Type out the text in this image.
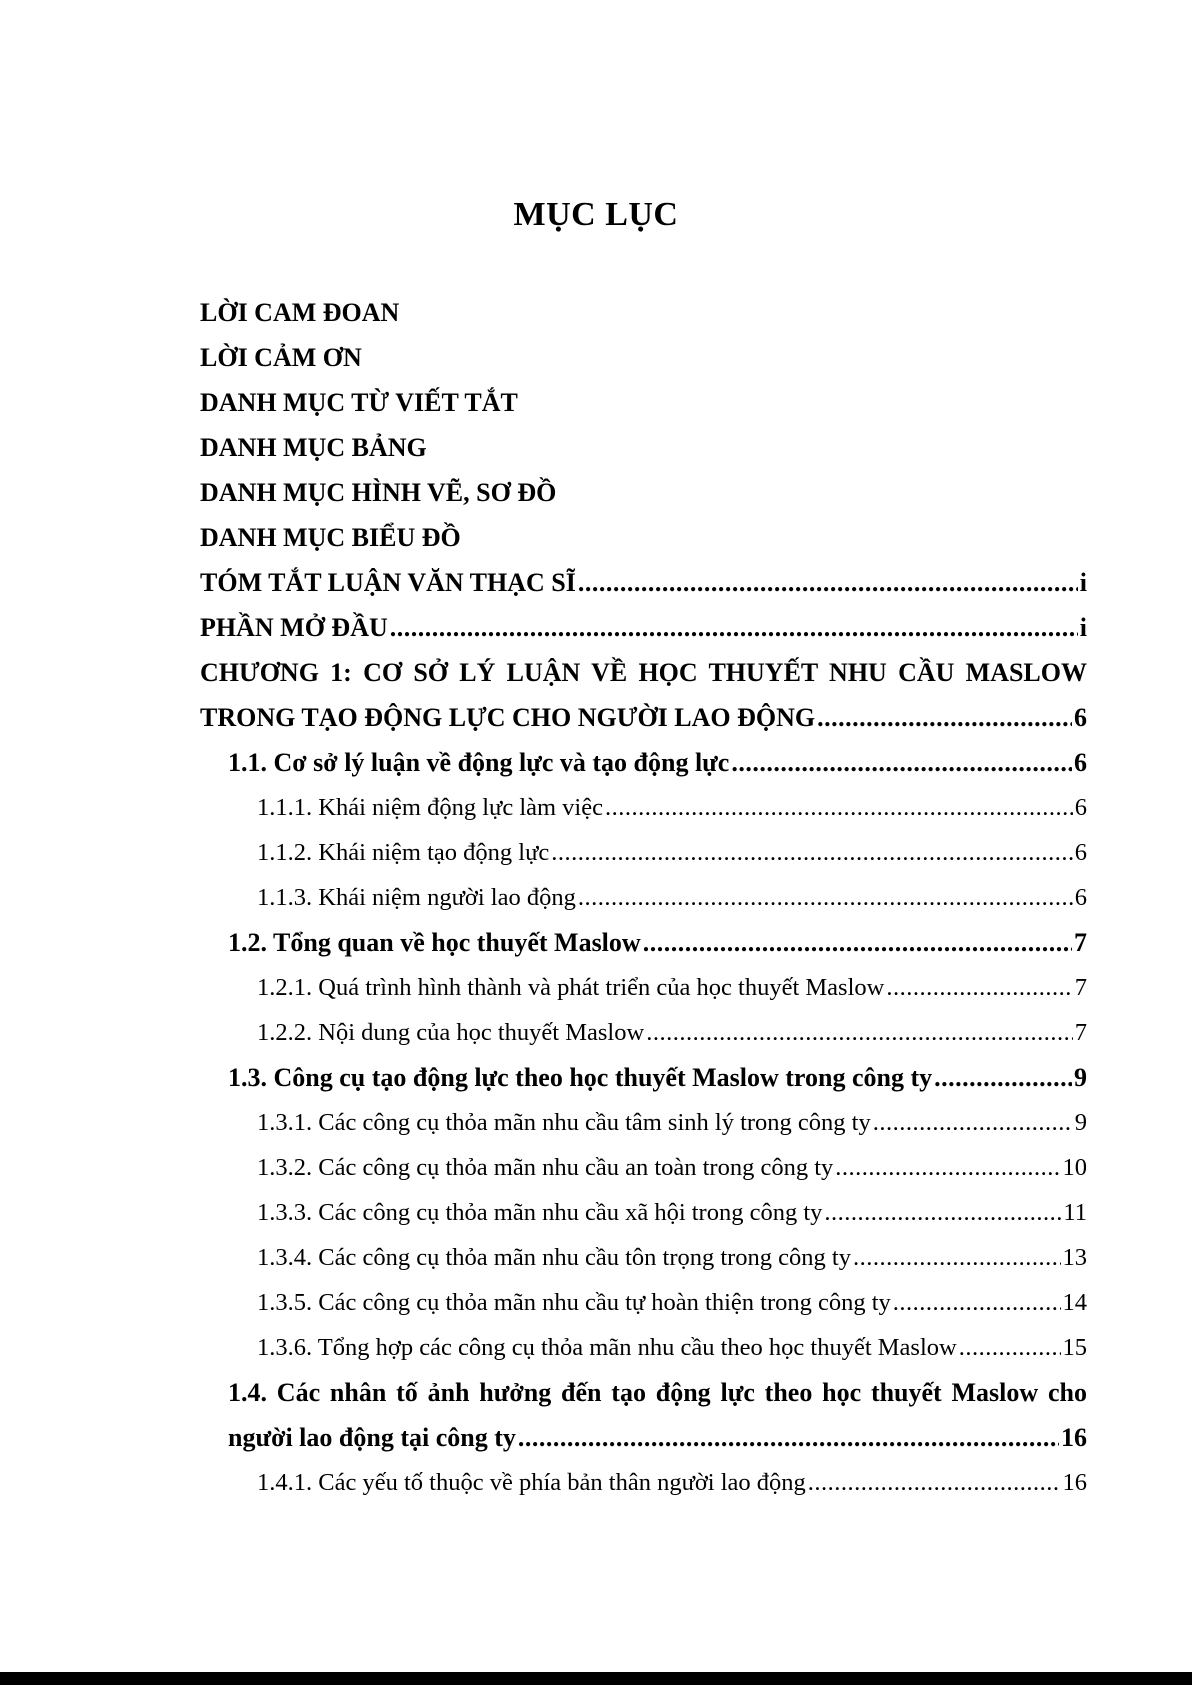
MỤC LỤC
LỜI CAM ĐOAN
LỜI CẢM ƠN
DANH MỤC TỪ VIẾT TẮT
DANH MỤC BẢNG
DANH MỤC HÌNH VẼ, SƠ ĐỒ
DANH MỤC BIỂU ĐỒ
TÓM TẮT LUẬN VĂN THẠC SĨ .....	i
PHẦN MỞ ĐẦU .....	i
CHƯƠNG 1: CƠ SỞ LÝ LUẬN VỀ HỌC THUYẾT NHU CẦU MASLOW
TRONG TẠO ĐỘNG LỰC CHO NGƯỜI LAO ĐỘNG .....	6
1.1. Cơ sở lý luận về động lực và tạo động lực .....	6
1.1.1. Khái niệm động lực làm việc .....	6
1.1.2. Khái niệm tạo động lực .....	6
1.1.3. Khái niệm người lao động .....	6
1.2. Tổng quan về học thuyết Maslow .....	7
1.2.1. Quá trình hình thành và phát triển của học thuyết Maslow .....	7
1.2.2. Nội dung của học thuyết Maslow .....	7
1.3. Công cụ tạo động lực theo học thuyết Maslow trong công ty .....	9
1.3.1. Các công cụ thỏa mãn nhu cầu tâm sinh lý trong công ty .....	9
1.3.2. Các công cụ thỏa mãn nhu cầu an toàn trong công ty .....	10
1.3.3. Các công cụ thỏa mãn nhu cầu xã hội trong công ty .....	11
1.3.4. Các công cụ thỏa mãn nhu cầu tôn trọng trong công ty .....	13
1.3.5. Các công cụ thỏa mãn nhu cầu tự hoàn thiện trong công ty .....	14
1.3.6. Tổng hợp các công cụ thỏa mãn nhu cầu theo học thuyết Maslow .....	15
1.4. Các nhân tố ảnh hưởng đến tạo động lực theo học thuyết Maslow cho
người lao động tại công ty .....	16
1.4.1. Các yếu tố thuộc về phía bản thân người lao động .....	16
